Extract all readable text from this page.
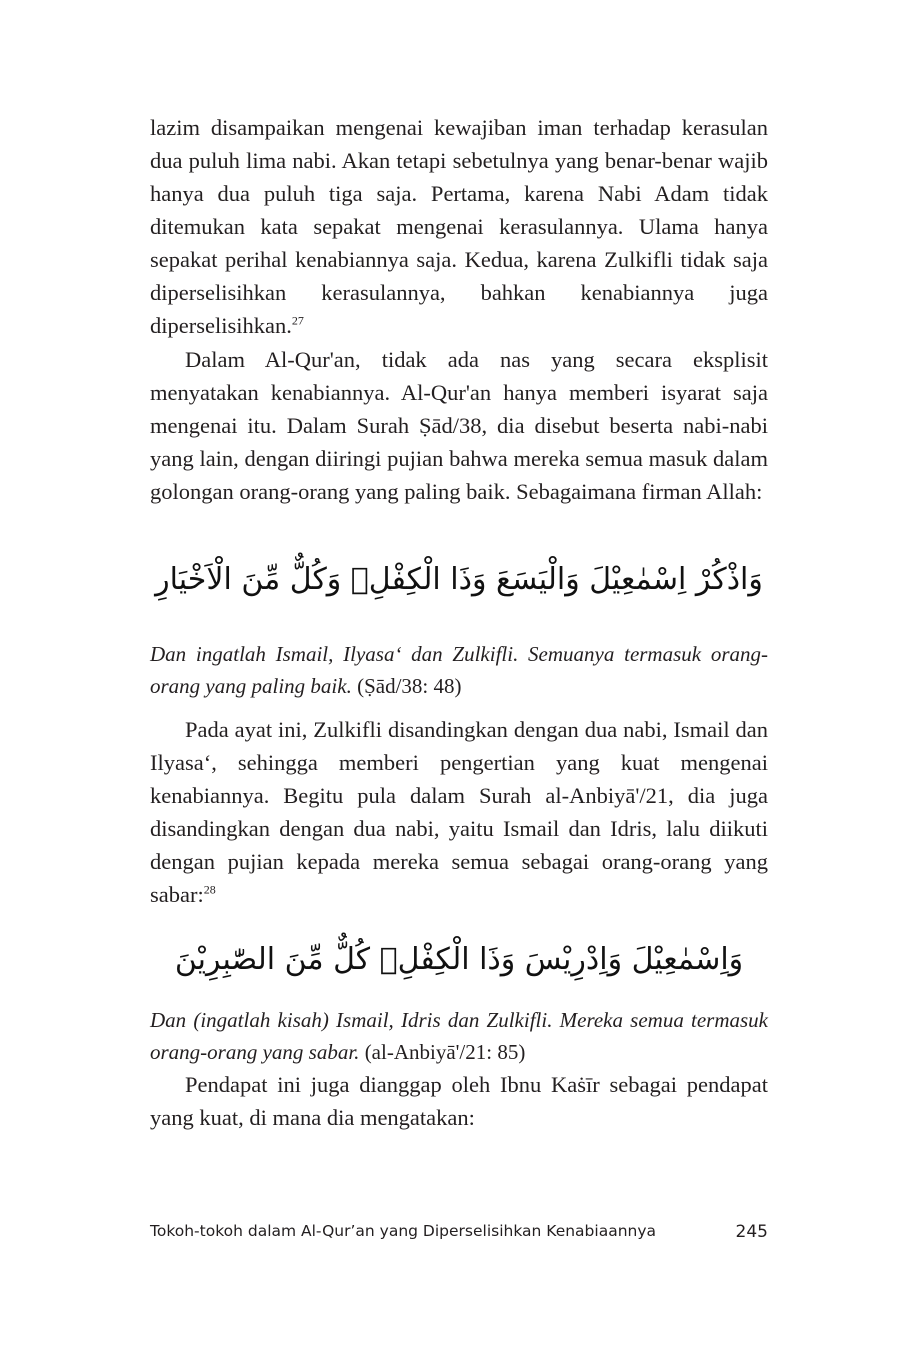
lazim disampaikan mengenai kewajiban iman terhadap kerasulan dua puluh lima nabi. Akan tetapi sebetulnya yang benar-benar wajib hanya dua puluh tiga saja. Pertama, karena Nabi Adam tidak ditemukan kata sepakat mengenai kerasulannya. Ulama hanya sepakat perihal kenabiannya saja. Kedua, karena Zulkifli tidak saja diperselisihkan kerasulannya, bahkan kenabiannya juga diperselisihkan.$^{27}$
Dalam Al-Qur'an, tidak ada nas yang secara eksplisit menyatakan kenabiannya. Al-Qur'an hanya memberi isyarat saja mengenai itu. Dalam Surah Ṣād/38, dia disebut beserta nabi-nabi yang lain, dengan diiringi pujian bahwa mereka semua masuk dalam golongan orang-orang yang paling baik. Sebagaimana firman Allah:
وَاذْكُرْ اِسْمٰعِيْلَ وَالْيَسَعَ وَذَا الْكِفْلِۗ وَكُلٌّ مِّنَ الْاَخْيَارِ
Dan ingatlah Ismail, Ilyasa‘ dan Zulkifli. Semuanya termasuk orang-orang yang paling baik. (Ṣād/38: 48)
Pada ayat ini, Zulkifli disandingkan dengan dua nabi, Ismail dan Ilyasa‘, sehingga memberi pengertian yang kuat mengenai kenabiannya. Begitu pula dalam Surah al-Anbiyā'/21, dia juga disandingkan dengan dua nabi, yaitu Ismail dan Idris, lalu diikuti dengan pujian kepada mereka semua sebagai orang-orang yang sabar:$^{28}$
وَاِسْمٰعِيْلَ وَاِدْرِيْسَ وَذَا الْكِفْلِۗ كُلٌّ مِّنَ الصّٰبِرِيْنَ
Dan (ingatlah kisah) Ismail, Idris dan Zulkifli. Mereka semua termasuk orang-orang yang sabar. (al-Anbiyā'/21: 85)
Pendapat ini juga dianggap oleh Ibnu Kaṡīr sebagai pendapat yang kuat, di mana dia mengatakan:
Tokoh-tokoh dalam Al-Qur’an yang Diperselisihkan Kenabiaannya	245
